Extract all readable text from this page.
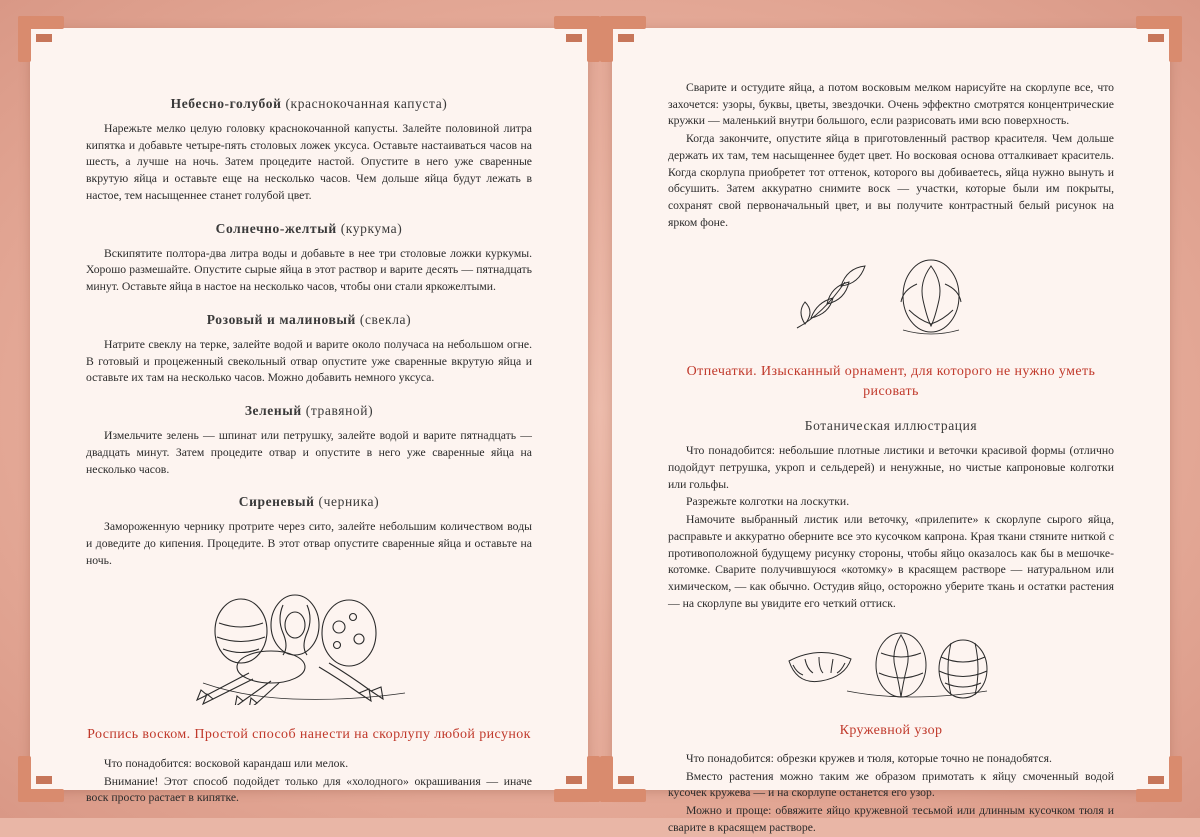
Небесно-голубой (краснокочанная капуста)

Нарежьте мелко целую головку краснокочанной капусты. Залейте половиной литра кипятка и добавьте четыре-пять столовых ложек уксуса. Оставьте настаиваться часов на шесть, а лучше на ночь. Затем процедите настой. Опустите в него уже сваренные вкрутую яйца и оставьте еще на несколько часов. Чем дольше яйца будут лежать в настое, тем насыщеннее станет голубой цвет.

Солнечно-желтый (куркума)

Вскипятите полтора-два литра воды и добавьте в нее три столовые ложки куркумы. Хорошо размешайте. Опустите сырые яйца в этот раствор и варите десять — пятнадцать минут. Оставьте яйца в настое на несколько часов, чтобы они стали яркожелтыми.

Розовый и малиновый (свекла)

Натрите свеклу на терке, залейте водой и варите около получаса на небольшом огне. В готовый и процеженный свекольный отвар опустите уже сваренные вкрутую яйца и оставьте их там на несколько часов. Можно добавить немного уксуса.

Зеленый (травяной)

Измельчите зелень — шпинат или петрушку, залейте водой и варите пятнадцать — двадцать минут. Затем процедите отвар и опустите в него уже сваренные яйца на несколько часов.

Сиреневый (черника)

Замороженную чернику протрите через сито, залейте небольшим количеством воды и доведите до кипения. Процедите. В этот отвар опустите сваренные яйца и оставьте на ночь.

Роспись воском. Простой способ нанести на скорлупу любой рисунок

Что понадобится: восковой карандаш или мелок.

Внимание! Этот способ подойдет только для «холодного» окрашивания — иначе воск просто растает в кипятке.

Сварите и остудите яйца, а потом восковым мелком нарисуйте на скорлупе все, что захочется: узоры, буквы, цветы, звездочки. Очень эффектно смотрятся концентрические кружки — маленький внутри большого, если разрисовать ими всю поверхность.

Когда закончите, опустите яйца в приготовленный раствор красителя. Чем дольше держать их там, тем насыщеннее будет цвет. Но восковая основа отталкивает краситель. Когда скорлупа приобретет тот оттенок, которого вы добиваетесь, яйца нужно вынуть и обсушить. Затем аккуратно снимите воск — участки, которые были им покрыты, сохранят свой первоначальный цвет, и вы получите контрастный белый рисунок на ярком фоне.

Отпечатки. Изысканный орнамент, для которого не нужно уметь рисовать
Ботаническая иллюстрация

Что понадобится: небольшие плотные листики и веточки красивой формы (отлично подойдут петрушка, укроп и сельдерей) и ненужные, но чистые капроновые колготки или гольфы.

Разрежьте колготки на лоскутки.

Намочите выбранный листик или веточку, «прилепите» к скорлупе сырого яйца, расправьте и аккуратно оберните все это кусочком капрона. Края ткани стяните ниткой с противоположной будущему рисунку стороны, чтобы яйцо оказалось как бы в мешочке-котомке. Сварите получившуюся «котомку» в красящем растворе — натуральном или химическом, — как обычно. Остудив яйцо, осторожно уберите ткань и остатки растения — на скорлупе вы увидите его четкий оттиск.

Кружевной узор

Что понадобится: обрезки кружев и тюля, которые точно не понадобятся.

Вместо растения можно таким же образом примотать к яйцу смоченный водой кусочек кружева — и на скорлупе останется его узор.

Можно и проще: обвяжите яйцо кружевной тесьмой или длинным кусочком тюля и сварите в красящем растворе.
